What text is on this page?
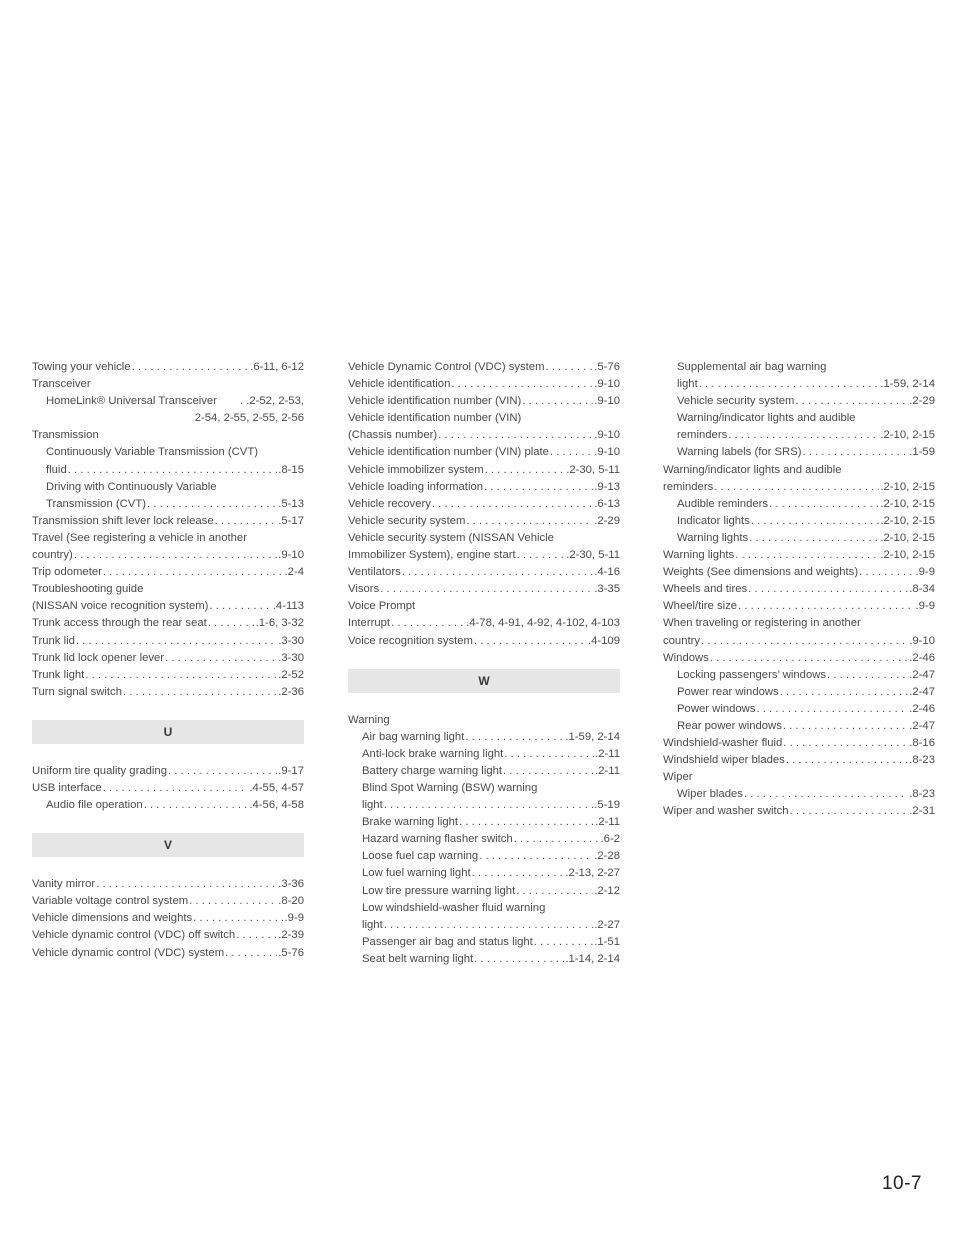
Towing your vehicle . . .	.6-11, 6-12
Transceiver
HomeLink® Universal Transceiver . .2-52, 2-53,
2-54, 2-55, 2-55, 2-56
Transmission
Continuously Variable Transmission (CVT)
fluid . . .	.8-15
Driving with Continuously Variable
Transmission (CVT) . . .	.5-13
Transmission shift lever lock release . . .	.5-17
Travel (See registering a vehicle in another
country) . . .	.9-10
Trip odometer . . .	.2-4
Troubleshooting guide
(NISSAN voice recognition system) . . .	.4-113
Trunk access through the rear seat . . .	.1-6, 3-32
Trunk lid . . .	.3-30
Trunk lid lock opener lever . . .	.3-30
Trunk light . . .	.2-52
Turn signal switch . . .	.2-36
U
Uniform tire quality grading . . .	.9-17
USB interface . . .	.4-55, 4-57
Audio file operation . . .	.4-56, 4-58
V
Vanity mirror . . .	.3-36
Variable voltage control system . . .	.8-20
Vehicle dimensions and weights . . .	.9-9
Vehicle dynamic control (VDC) off switch . . .	.2-39
Vehicle dynamic control (VDC) system . . .	.5-76
Vehicle Dynamic Control (VDC) system . . .	.5-76
Vehicle identification . . .	.9-10
Vehicle identification number (VIN) . . .	.9-10
Vehicle identification number (VIN)
(Chassis number) . . .	.9-10
Vehicle identification number (VIN) plate . . .	.9-10
Vehicle immobilizer system . . .	.2-30, 5-11
Vehicle loading information . . .	.9-13
Vehicle recovery . . .	.6-13
Vehicle security system . . .	.2-29
Vehicle security system (NISSAN Vehicle
Immobilizer System), engine start . . .	.2-30, 5-11
Ventilators . . .	.4-16
Visors . . .	.3-35
Voice Prompt
Interrupt . . .	.4-78, 4-91, 4-92, 4-102, 4-103
Voice recognition system . . .	.4-109
W
Warning
Air bag warning light . . .	.1-59, 2-14
Anti-lock brake warning light . . .	.2-11
Battery charge warning light . . .	.2-11
Blind Spot Warning (BSW) warning
light . . .	.5-19
Brake warning light . . .	.2-11
Hazard warning flasher switch . . .	.6-2
Loose fuel cap warning . . .	.2-28
Low fuel warning light . . .	.2-13, 2-27
Low tire pressure warning light . . .	.2-12
Low windshield-washer fluid warning
light . . .	.2-27
Passenger air bag and status light . . .	.1-51
Seat belt warning light . . .	.1-14, 2-14
Supplemental air bag warning
light . . .	.1-59, 2-14
Vehicle security system . . .	.2-29
Warning/indicator lights and audible
reminders . . .	.2-10, 2-15
Warning labels (for SRS) . . .	.1-59
Warning/indicator lights and audible
reminders . . .	.2-10, 2-15
Audible reminders . . .	.2-10, 2-15
Indicator lights . . .	.2-10, 2-15
Warning lights . . .	.2-10, 2-15
Warning lights . . .	.2-10, 2-15
Weights (See dimensions and weights) . . .	.9-9
Wheels and tires . . .	.8-34
Wheel/tire size . . .	.9-9
When traveling or registering in another
country . . .	.9-10
Windows . . .	.2-46
Locking passengers’ windows . . .	.2-47
Power rear windows . . .	.2-47
Power windows . . .	.2-46
Rear power windows . . .	.2-47
Windshield-washer fluid . . .	.8-16
Windshield wiper blades . . .	.8-23
Wiper
Wiper blades . . .	.8-23
Wiper and washer switch . . .	.2-31
10-7
